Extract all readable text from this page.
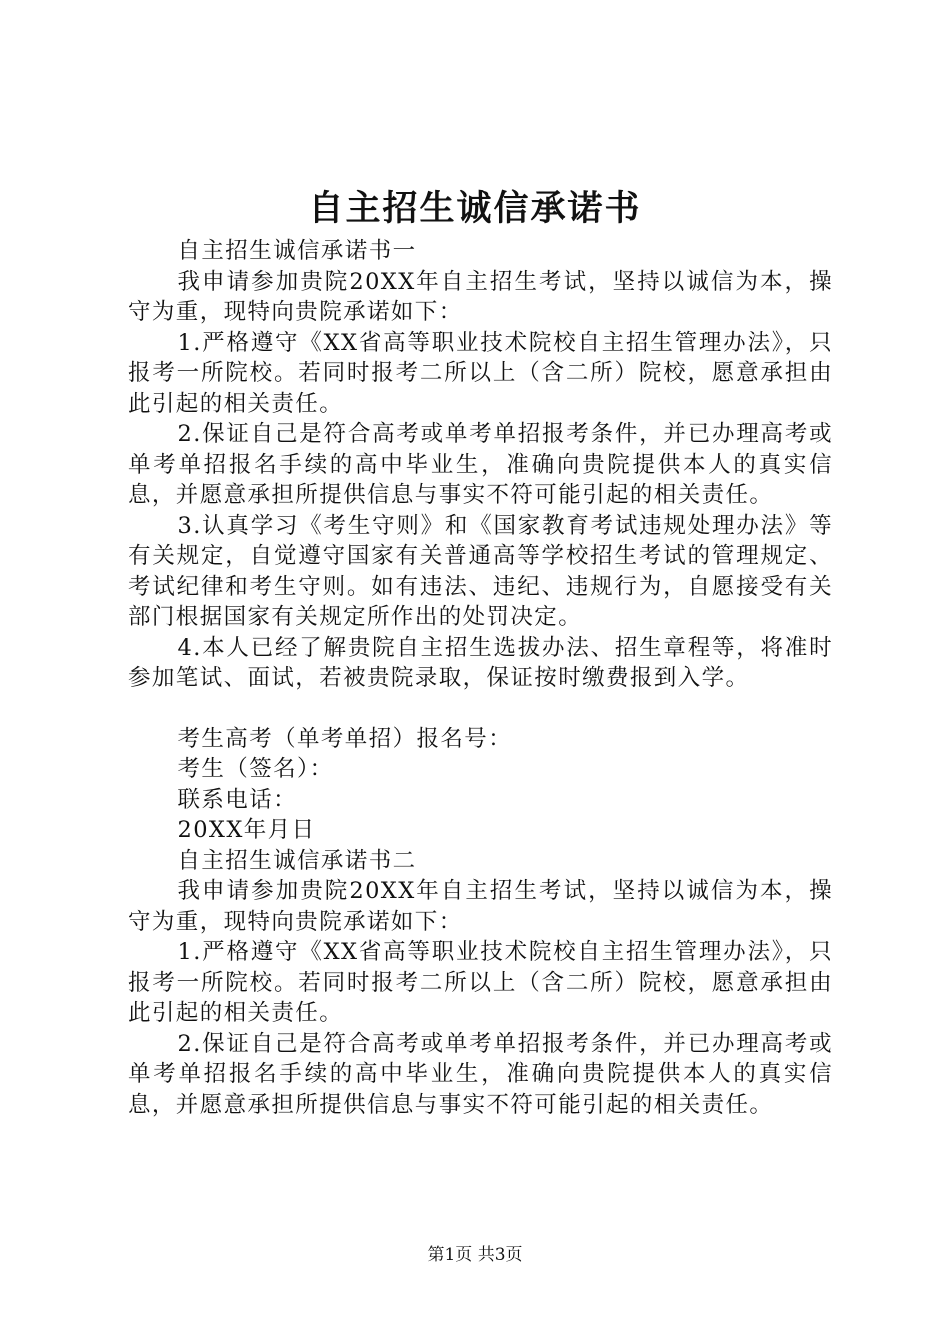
自主招生诚信承诺书

自主招生诚信承诺书一

我申请参加贵院20XX年自主招生考试，坚持以诚信为本，操守为重，现特向贵院承诺如下：

1.严格遵守《XX省高等职业技术院校自主招生管理办法》，只报考一所院校。若同时报考二所以上（含二所）院校，愿意承担由此引起的相关责任。

2.保证自己是符合高考或单考单招报考条件，并已办理高考或单考单招报名手续的高中毕业生，准确向贵院提供本人的真实信息，并愿意承担所提供信息与事实不符可能引起的相关责任。

3.认真学习《考生守则》和《国家教育考试违规处理办法》等有关规定，自觉遵守国家有关普通高等学校招生考试的管理规定、考试纪律和考生守则。如有违法、违纪、违规行为，自愿接受有关部门根据国家有关规定所作出的处罚决定。

4.本人已经了解贵院自主招生选拔办法、招生章程等，将准时参加笔试、面试，若被贵院录取，保证按时缴费报到入学。

考生高考（单考单招）报名号：

考生（签名）：

联系电话：

20XX年月日

自主招生诚信承诺书二

我申请参加贵院20XX年自主招生考试，坚持以诚信为本，操守为重，现特向贵院承诺如下：

1.严格遵守《XX省高等职业技术院校自主招生管理办法》，只报考一所院校。若同时报考二所以上（含二所）院校，愿意承担由此引起的相关责任。

2.保证自己是符合高考或单考单招报考条件，并已办理高考或单考单招报名手续的高中毕业生，准确向贵院提供本人的真实信息，并愿意承担所提供信息与事实不符可能引起的相关责任。

第1页 共3页
